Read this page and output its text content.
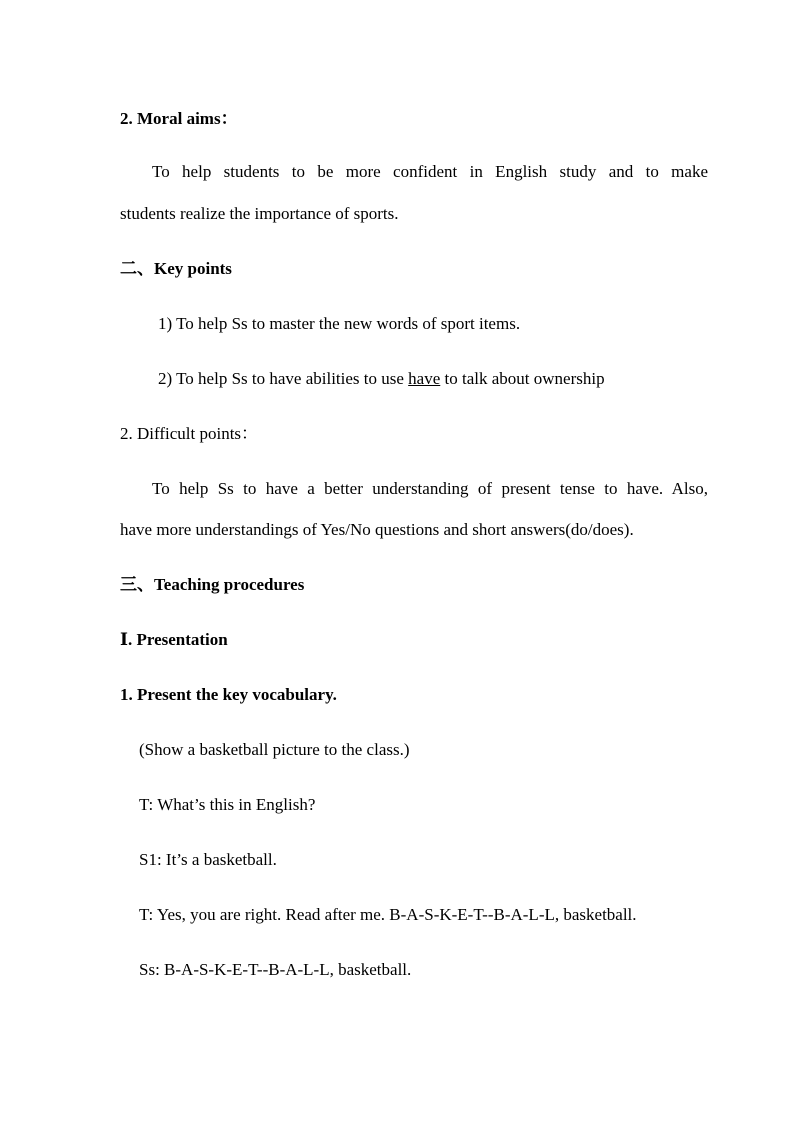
2. Moral aims：
To help students to be more confident in English study and to make
students realize the importance of sports.
二、Key points
1) To help Ss to master the new words of sport items.
2) To help Ss to have abilities to use have to talk about ownership
2. Difficult points：
To help Ss to have a better understanding of present tense to have. Also,
have more understandings of Yes/No questions and short answers(do/does).
三、Teaching procedures
Ⅰ. Presentation
1. Present the key vocabulary.
(Show a basketball picture to the class.)
T: What’s this in English?
S1: It’s a basketball.
T: Yes, you are right. Read after me. B-A-S-K-E-T--B-A-L-L, basketball.
Ss: B-A-S-K-E-T--B-A-L-L, basketball.
